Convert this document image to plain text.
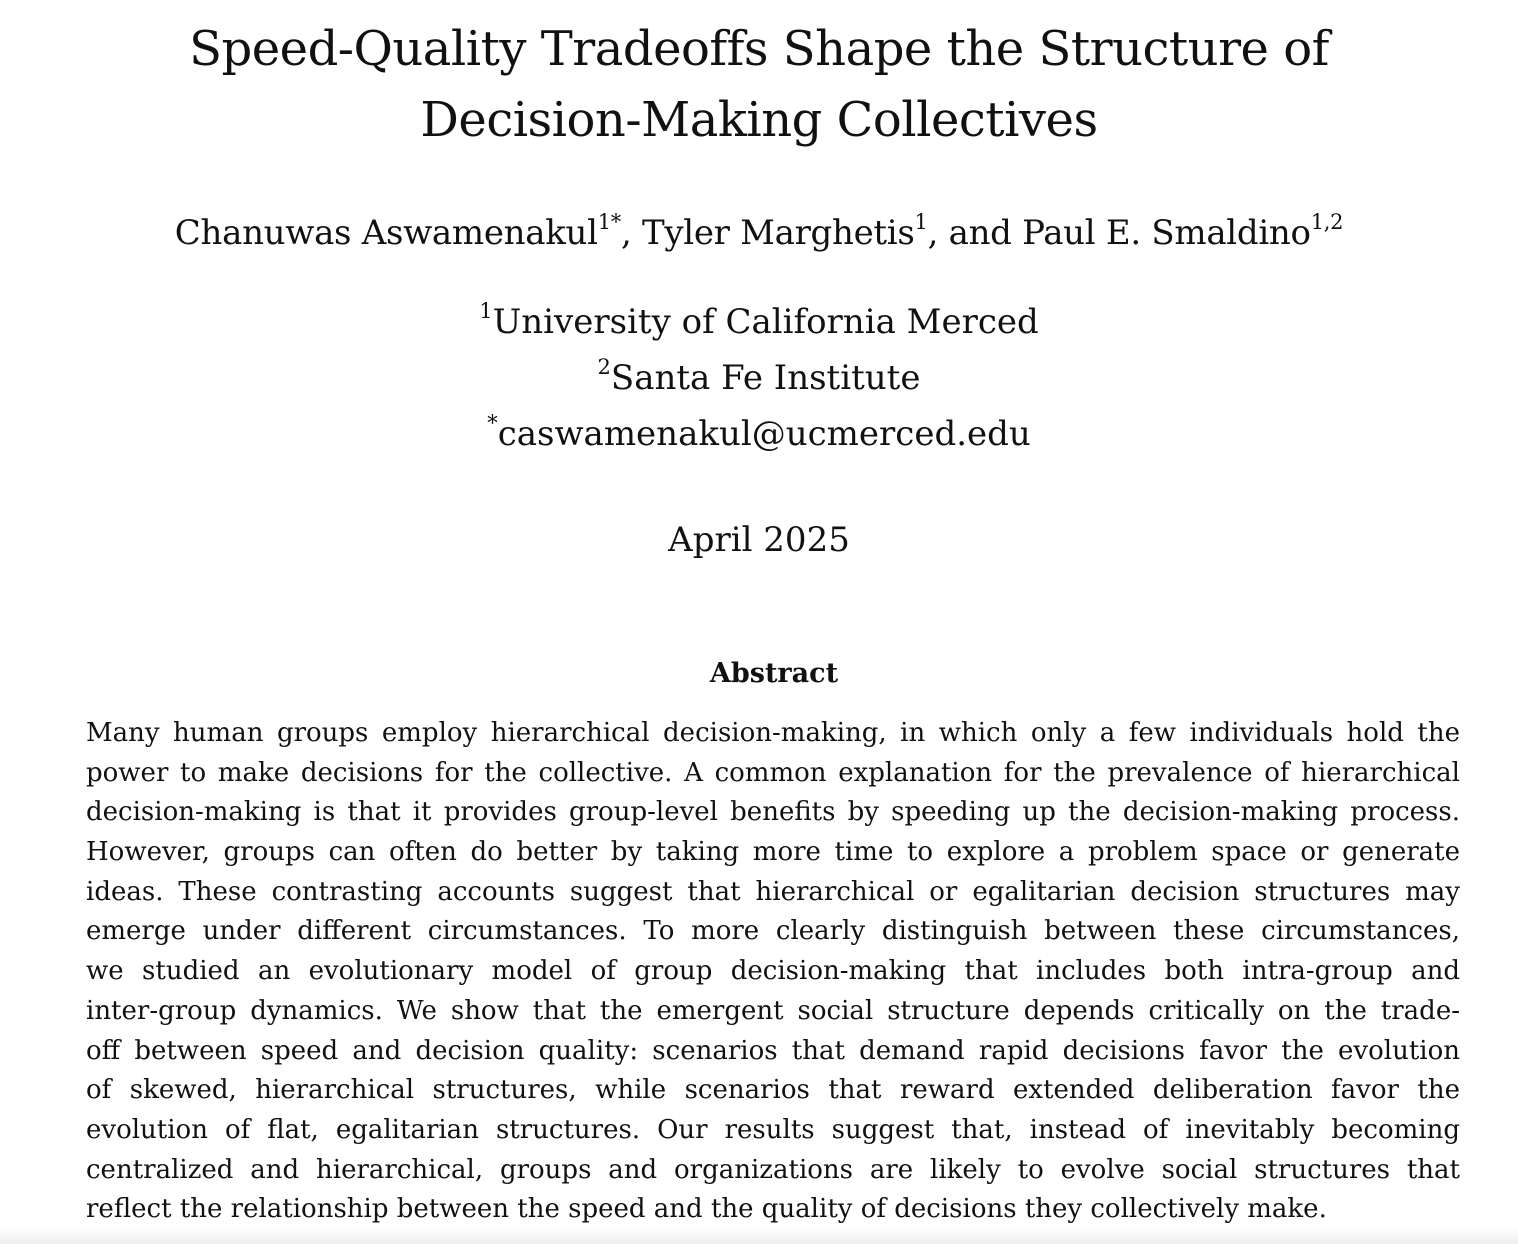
Speed-Quality Tradeoffs Shape the Structure of
Decision-Making Collectives
Chanuwas Aswamenakul$^{1*}$, Tyler Marghetis$^1$, and Paul E. Smaldino$^{1,2}$
$^1$University of California Merced
$^2$Santa Fe Institute
*caswamenakul@ucmerced.edu
April 2025
Abstract
Many human groups employ hierarchical decision-making, in which only a few individuals hold the
power to make decisions for the collective. A common explanation for the prevalence of hierarchical
decision-making is that it provides group-level benefits by speeding up the decision-making process.
However, groups can often do better by taking more time to explore a problem space or generate
ideas. These contrasting accounts suggest that hierarchical or egalitarian decision structures may
emerge under different circumstances. To more clearly distinguish between these circumstances,
we studied an evolutionary model of group decision-making that includes both intra-group and
inter-group dynamics. We show that the emergent social structure depends critically on the trade-
off between speed and decision quality: scenarios that demand rapid decisions favor the evolution
of skewed, hierarchical structures, while scenarios that reward extended deliberation favor the
evolution of flat, egalitarian structures. Our results suggest that, instead of inevitably becoming
centralized and hierarchical, groups and organizations are likely to evolve social structures that
reflect the relationship between the speed and the quality of decisions they collectively make.
